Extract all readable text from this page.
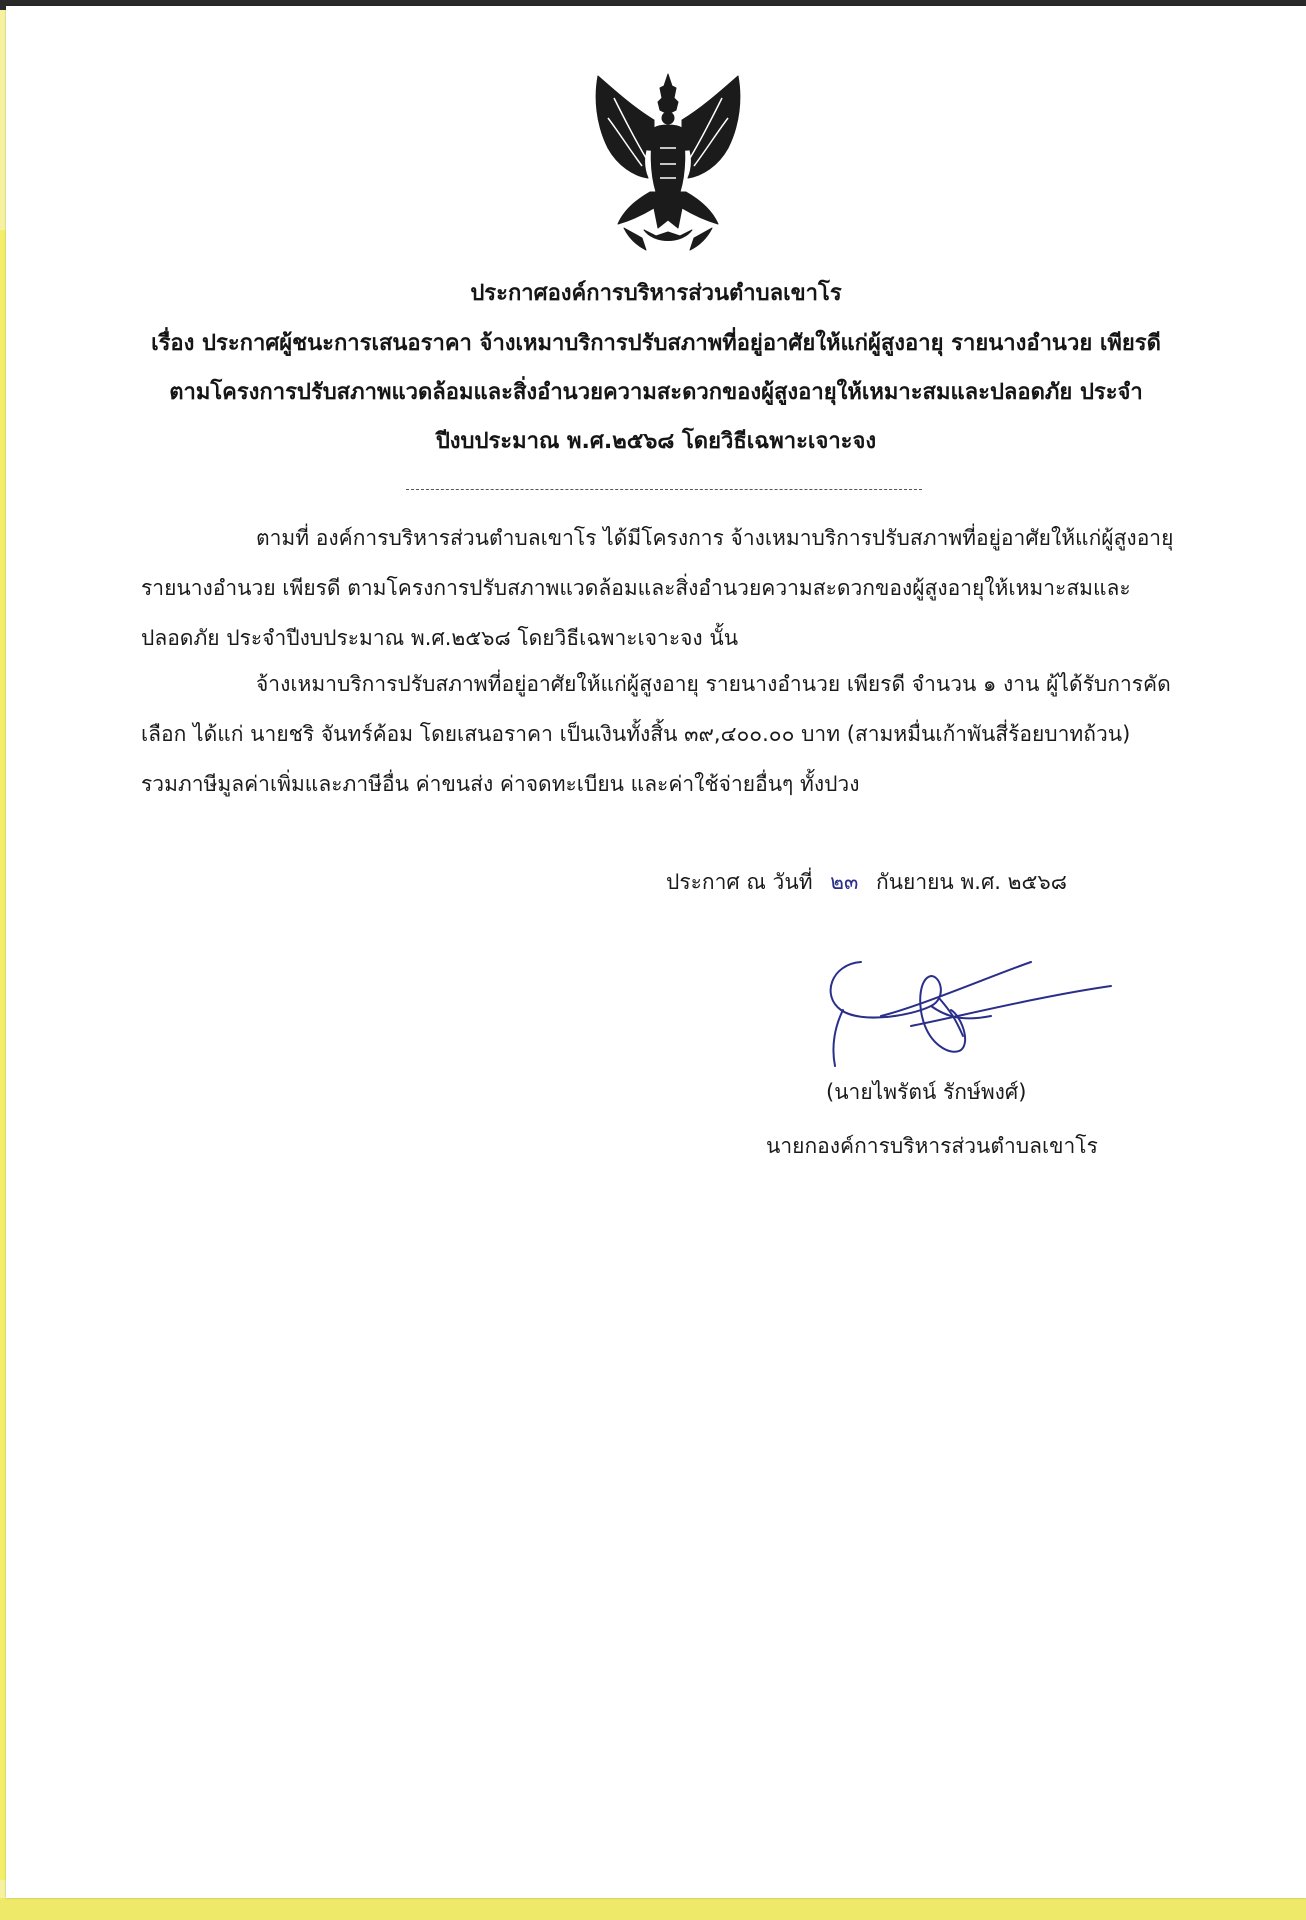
ประกาศองค์การบริหารส่วนตำบลเขาโร
เรื่อง ประกาศผู้ชนะการเสนอราคา จ้างเหมาบริการปรับสภาพที่อยู่อาศัยให้แก่ผู้สูงอายุ รายนางอำนวย เพียรดี
ตามโครงการปรับสภาพแวดล้อมและสิ่งอำนวยความสะดวกของผู้สูงอายุให้เหมาะสมและปลอดภัย ประจำ
ปีงบประมาณ พ.ศ.๒๕๖๘ โดยวิธีเฉพาะเจาะจง
ตามที่ องค์การบริหารส่วนตำบลเขาโร ได้มีโครงการ จ้างเหมาบริการปรับสภาพที่อยู่อาศัยให้แก่ผู้สูงอายุ
รายนางอำนวย เพียรดี ตามโครงการปรับสภาพแวดล้อมและสิ่งอำนวยความสะดวกของผู้สูงอายุให้เหมาะสมและ
ปลอดภัย ประจำปีงบประมาณ พ.ศ.๒๕๖๘ โดยวิธีเฉพาะเจาะจง นั้น
จ้างเหมาบริการปรับสภาพที่อยู่อาศัยให้แก่ผู้สูงอายุ รายนางอำนวย เพียรดี จำนวน ๑ งาน ผู้ได้รับการคัด
เลือก ได้แก่ นายชริ จันทร์ค้อม โดยเสนอราคา เป็นเงินทั้งสิ้น ๓๙,๔๐๐.๐๐ บาท (สามหมื่นเก้าพันสี่ร้อยบาทถ้วน)
รวมภาษีมูลค่าเพิ่มและภาษีอื่น ค่าขนส่ง ค่าจดทะเบียน และค่าใช้จ่ายอื่นๆ ทั้งปวง
ประกาศ ณ วันที่ ๒๓ กันยายน พ.ศ. ๒๕๖๘
(นายไพรัตน์ รักษ์พงศ์)
นายกองค์การบริหารส่วนตำบลเขาโร
